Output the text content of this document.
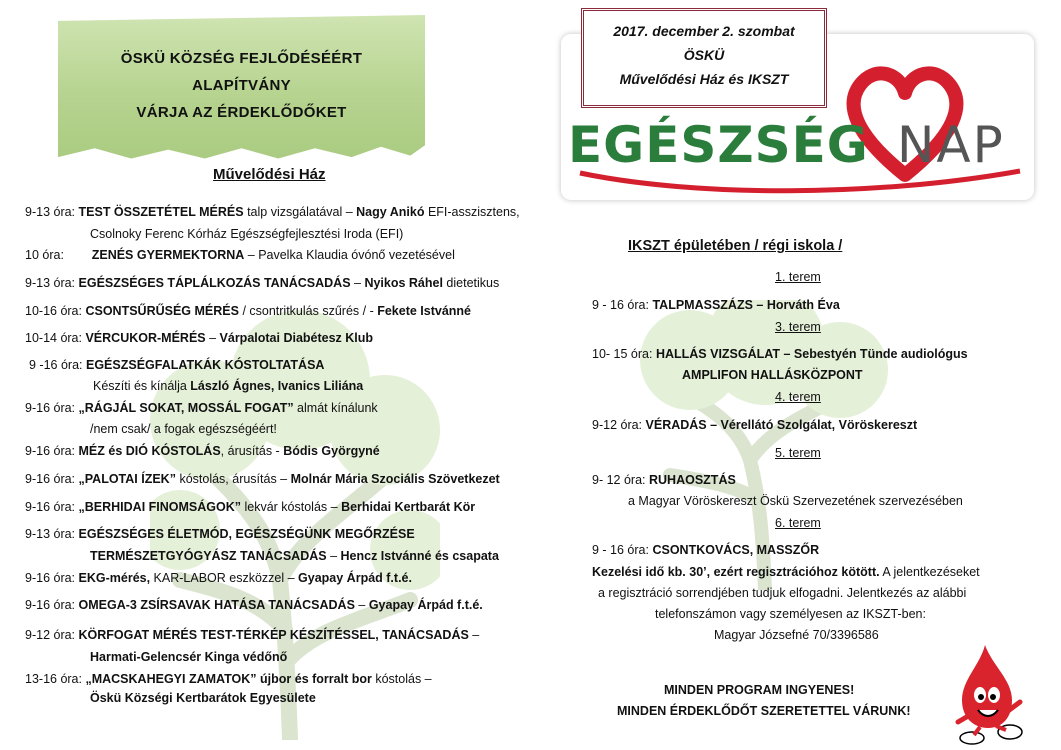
ÖSKÜ KÖZSÉG FEJLŐDÉSÉÉRT
ALAPÍTVÁNY
VÁRJA AZ ÉRDEKLŐDŐKET
Művelődési Ház
9-13 óra: TEST ÖSSZETÉTEL MÉRÉS talp vizsgálatával – Nagy Anikó EFI-asszisztens,
Csolnoky Ferenc Kórház Egészségfejlesztési Iroda (EFI)
10 óra: ZENÉS GYERMEKTORNA – Pavelka Klaudia óvónő vezetésével
9-13 óra: EGÉSZSÉGES TÁPLÁLKOZÁS TANÁCSADÁS – Nyikos Ráhel dietetikus
10-16 óra: CSONTSŰRŰSÉG MÉRÉS / csontritkulás szűrés / - Fekete Istvánné
10-14 óra: VÉRCUKOR-MÉRÉS – Várpalotai Diabétesz Klub
9 -16 óra: EGÉSZSÉGFALATKÁK KÓSTOLTATÁSA
Készíti és kínálja László Ágnes, Ivanics Liliána
9-16 óra: „RÁGJÁL SOKAT, MOSSÁL FOGAT” almát kínálunk
/nem csak/ a fogak egészségéért!
9-16 óra: MÉZ és DIÓ KÓSTOLÁS, árusítás - Bódis Györgyné
9-16 óra: „PALOTAI ÍZEK” kóstolás, árusítás – Molnár Mária Szociális Szövetkezet
9-16 óra: „BERHIDAI FINOMSÁGOK” lekvár kóstolás – Berhidai Kertbarát Kör
9-13 óra: EGÉSZSÉGES ÉLETMÓD, EGÉSZSÉGÜNK MEGŐRZÉSE
TERMÉSZETGYÓGYÁSZ TANÁCSADÁS – Hencz Istvánné és csapata
9-16 óra: EKG-mérés, KAR-LABOR eszközzel – Gyapay Árpád f.t.é.
9-16 óra: OMEGA-3 ZSÍRSAVAK HATÁSA TANÁCSADÁS – Gyapay Árpád f.t.é.
9-12 óra: KÖRFOGAT MÉRÉS TEST-TÉRKÉP KÉSZÍTÉSSEL, TANÁCSADÁS –
Harmati-Gelencsér Kinga védőnő
13-16 óra: „MACSKAHEGYI ZAMATOK” újbor és forralt bor kóstolás –
Öskü Községi Kertbarátok Egyesülete
EGÉSZSÉG NAP
2017. december 2. szombat
ÖSKÜ
Művelődési Ház és IKSZT
IKSZT épületében / régi iskola /
1. terem
9 - 16 óra: TALPMASSZÁZS – Horváth Éva
3. terem
10- 15 óra: HALLÁS VIZSGÁLAT – Sebestyén Tünde audiológus
AMPLIFON HALLÁSKÖZPONT
4. terem
9-12 óra: VÉRADÁS – Vérellátó Szolgálat, Vöröskereszt
5. terem
9- 12 óra: RUHAOSZTÁS
a Magyar Vöröskereszt Öskü Szervezetének szervezésében
6. terem
9 - 16 óra: CSONTKOVÁCS, MASSZŐR
Kezelési idő kb. 30’, ezért regisztrációhoz kötött. A jelentkezéseket
a regisztráció sorrendjében tudjuk elfogadni. Jelentkezés az alábbi
telefonszámon vagy személyesen az IKSZT-ben:
Magyar Józsefné 70/3396586
MINDEN PROGRAM INGYENES!
MINDEN ÉRDEKLŐDŐT SZERETETTEL VÁRUNK!
